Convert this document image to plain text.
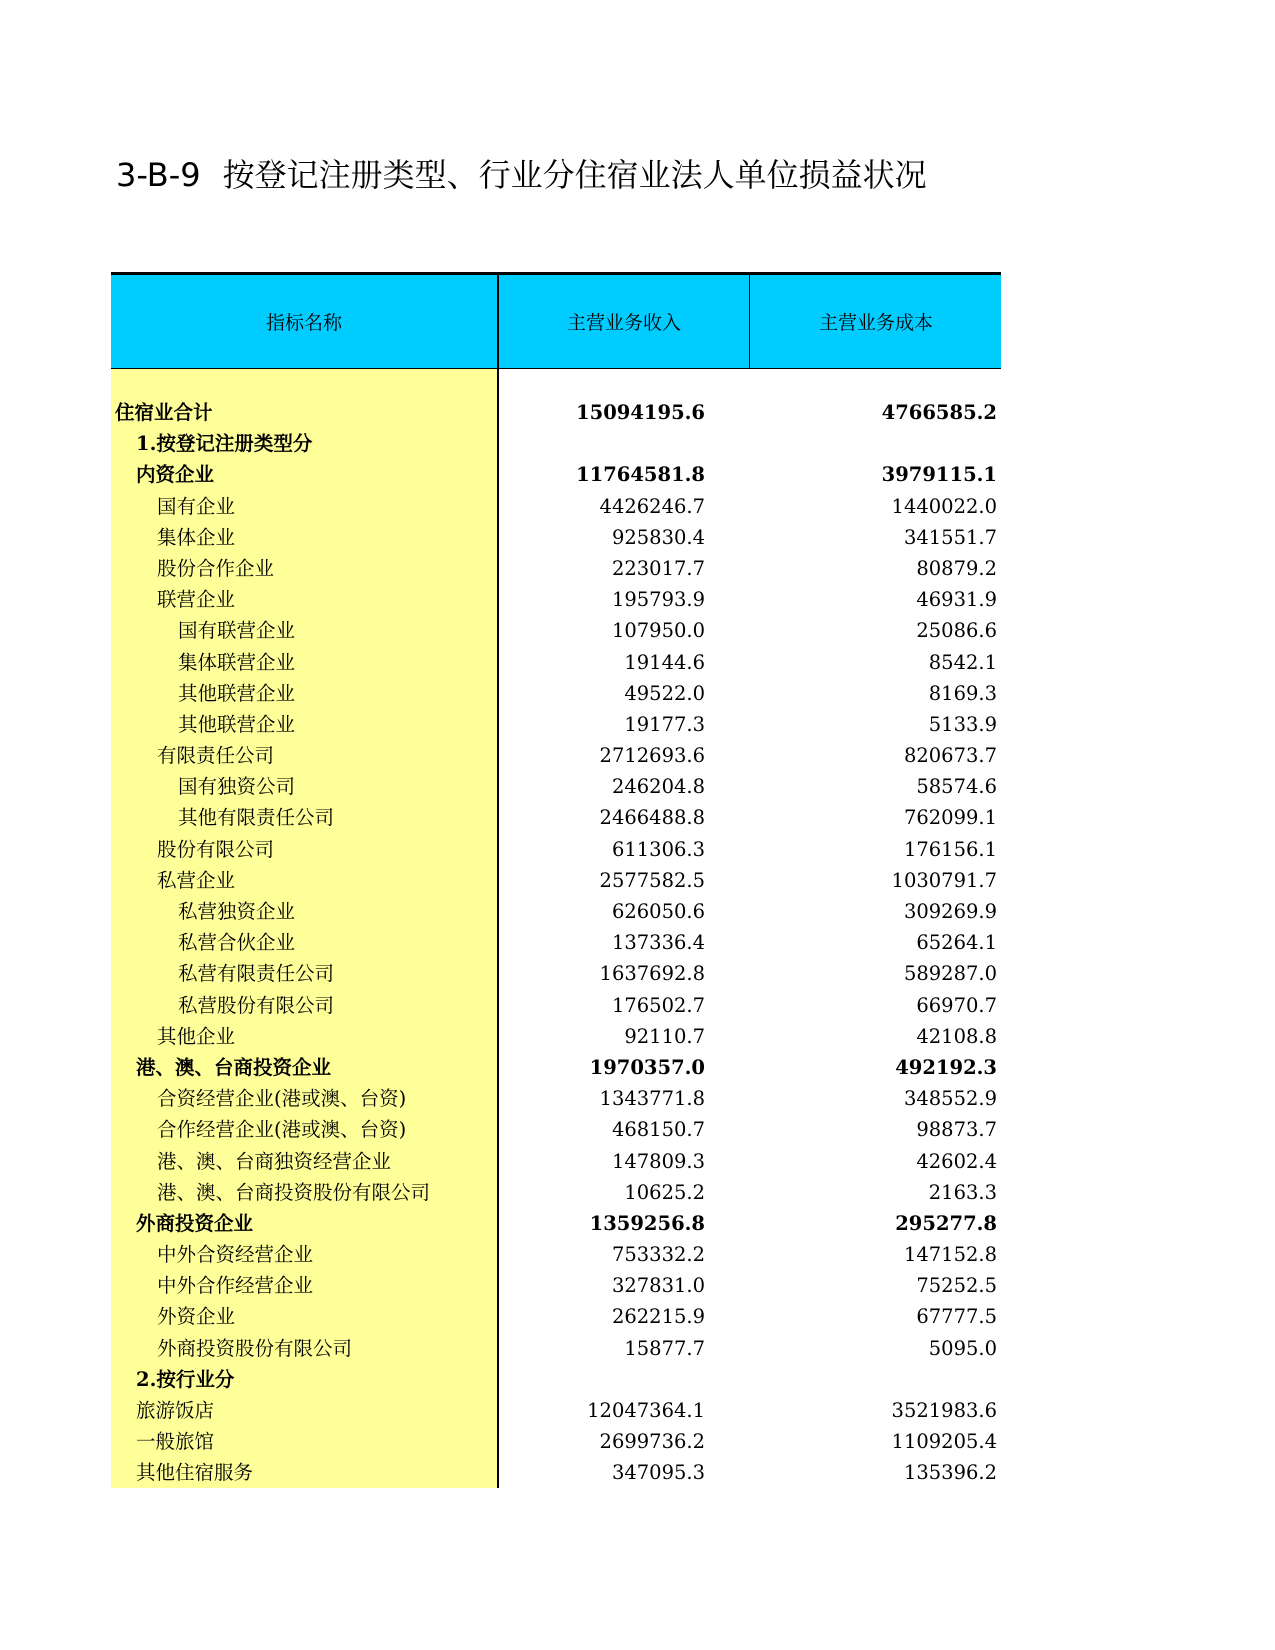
3-B-9 按登记注册类型、行业分住宿业法人单位损益状况
指标名称	主营业务收入	主营业务成本
住宿业合计	15094195.6	4766585.2
1.按登记注册类型分
内资企业	11764581.8	3979115.1
国有企业	4426246.7	1440022.0
集体企业	925830.4	341551.7
股份合作企业	223017.7	80879.2
联营企业	195793.9	46931.9
国有联营企业	107950.0	25086.6
集体联营企业	19144.6	8542.1
其他联营企业	49522.0	8169.3
其他联营企业	19177.3	5133.9
有限责任公司	2712693.6	820673.7
国有独资公司	246204.8	58574.6
其他有限责任公司	2466488.8	762099.1
股份有限公司	611306.3	176156.1
私营企业	2577582.5	1030791.7
私营独资企业	626050.6	309269.9
私营合伙企业	137336.4	65264.1
私营有限责任公司	1637692.8	589287.0
私营股份有限公司	176502.7	66970.7
其他企业	92110.7	42108.8
港、澳、台商投资企业	1970357.0	492192.3
合资经营企业(港或澳、台资)	1343771.8	348552.9
合作经营企业(港或澳、台资)	468150.7	98873.7
港、澳、台商独资经营企业	147809.3	42602.4
港、澳、台商投资股份有限公司	10625.2	2163.3
外商投资企业	1359256.8	295277.8
中外合资经营企业	753332.2	147152.8
中外合作经营企业	327831.0	75252.5
外资企业	262215.9	67777.5
外商投资股份有限公司	15877.7	5095.0
2.按行业分
旅游饭店	12047364.1	3521983.6
一般旅馆	2699736.2	1109205.4
其他住宿服务	347095.3	135396.2
